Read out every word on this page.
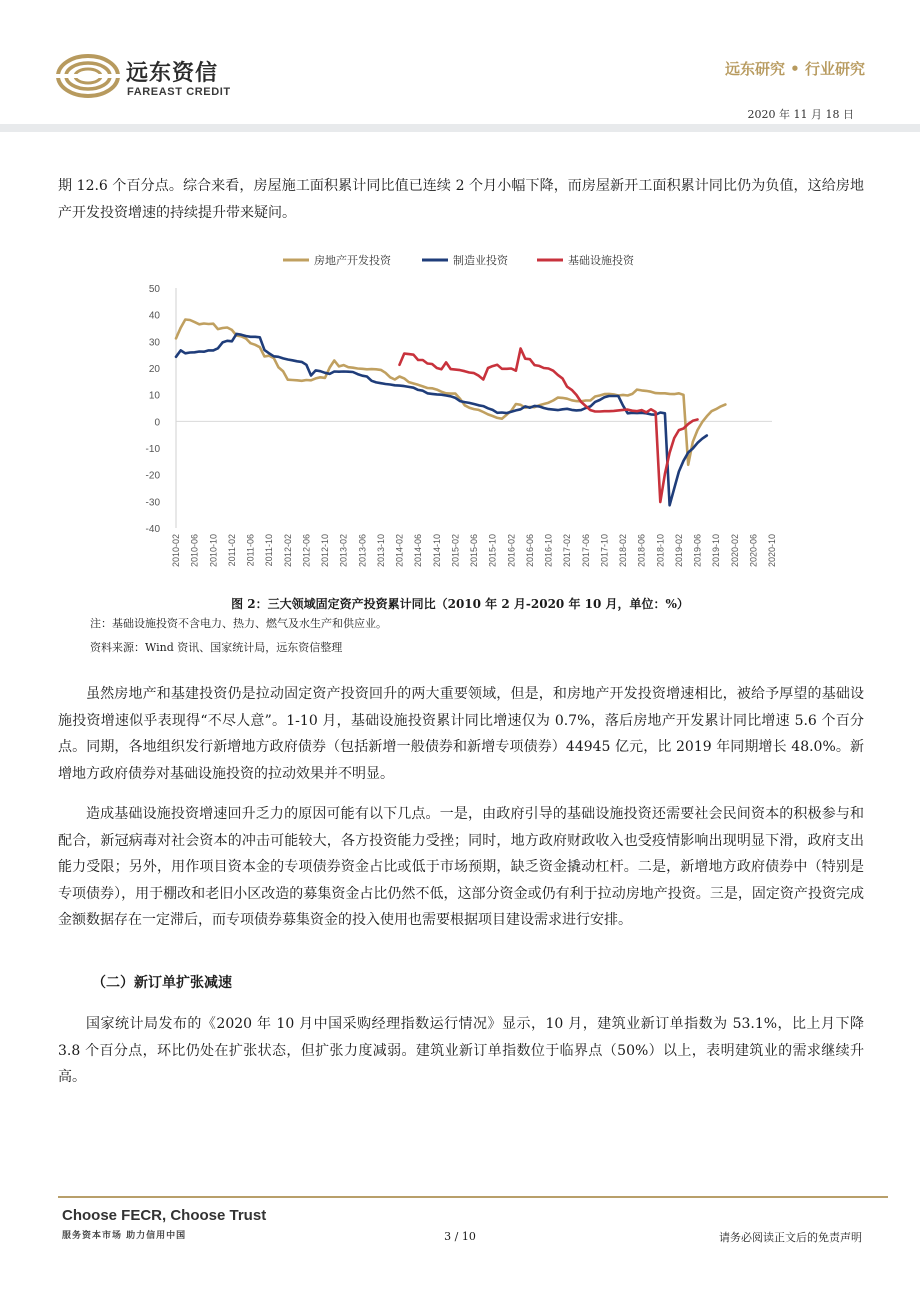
远东资信
FAREAST CREDIT
远东研究 • 行业研究
2020 年 11 月 18 日

期 12.6 个百分点。综合来看，房屋施工面积累计同比值已连续 2 个月小幅下降，而房屋新开工面积累计同比仍为负值，这给房地产开发投资增速的持续提升带来疑问。

50
40
30
20
10
0
-10
-20
-30
-40
2010-02 2010-06 2010-10 2011-02 2011-06 2011-10 2012-02 2012-06 2012-10 2013-02 2013-06 2013-10 2014-02 2014-06 2014-10 2015-02 2015-06 2015-10 2016-02 2016-06 2016-10 2017-02 2017-06 2017-10 2018-02 2018-06 2018-10 2019-02 2019-06 2019-10 2020-02 2020-06 2020-10
房地产开发投资	制造业投资	基础设施投资
图 2：三大领域固定资产投资累计同比（2010 年 2 月-2020 年 10 月，单位：%）
注：基础设施投资不含电力、热力、燃气及水生产和供应业。
资料来源：Wind 资讯、国家统计局，远东资信整理

虽然房地产和基建投资仍是拉动固定资产投资回升的两大重要领域，但是，和房地产开发投资增速相比，被给予厚望的基础设施投资增速似乎表现得“不尽人意”。1-10 月，基础设施投资累计同比增速仅为 0.7%，落后房地产开发累计同比增速 5.6 个百分点。同期，各地组织发行新增地方政府债券（包括新增一般债券和新增专项债券）44945 亿元，比 2019 年同期增长 48.0%。新增地方政府债券对基础设施投资的拉动效果并不明显。

造成基础设施投资增速回升乏力的原因可能有以下几点。一是，由政府引导的基础设施投资还需要社会民间资本的积极参与和配合，新冠病毒对社会资本的冲击可能较大，各方投资能力受挫；同时，地方政府财政收入也受疫情影响出现明显下滑，政府支出能力受限；另外，用作项目资本金的专项债券资金占比或低于市场预期，缺乏资金撬动杠杆。二是，新增地方政府债券中（特别是专项债券），用于棚改和老旧小区改造的募集资金占比仍然不低，这部分资金或仍有利于拉动房地产投资。三是，固定资产投资完成金额数据存在一定滞后，而专项债券募集资金的投入使用也需要根据项目建设需求进行安排。

（二）新订单扩张减速

国家统计局发布的《2020 年 10 月中国采购经理指数运行情况》显示，10 月，建筑业新订单指数为 53.1%，比上月下降 3.8 个百分点，环比仍处在扩张状态，但扩张力度减弱。建筑业新订单指数位于临界点（50%）以上，表明建筑业的需求继续升高。

Choose FECR, Choose Trust
服务资本市场 助力信用中国	3 / 10	请务必阅读正文后的免责声明
